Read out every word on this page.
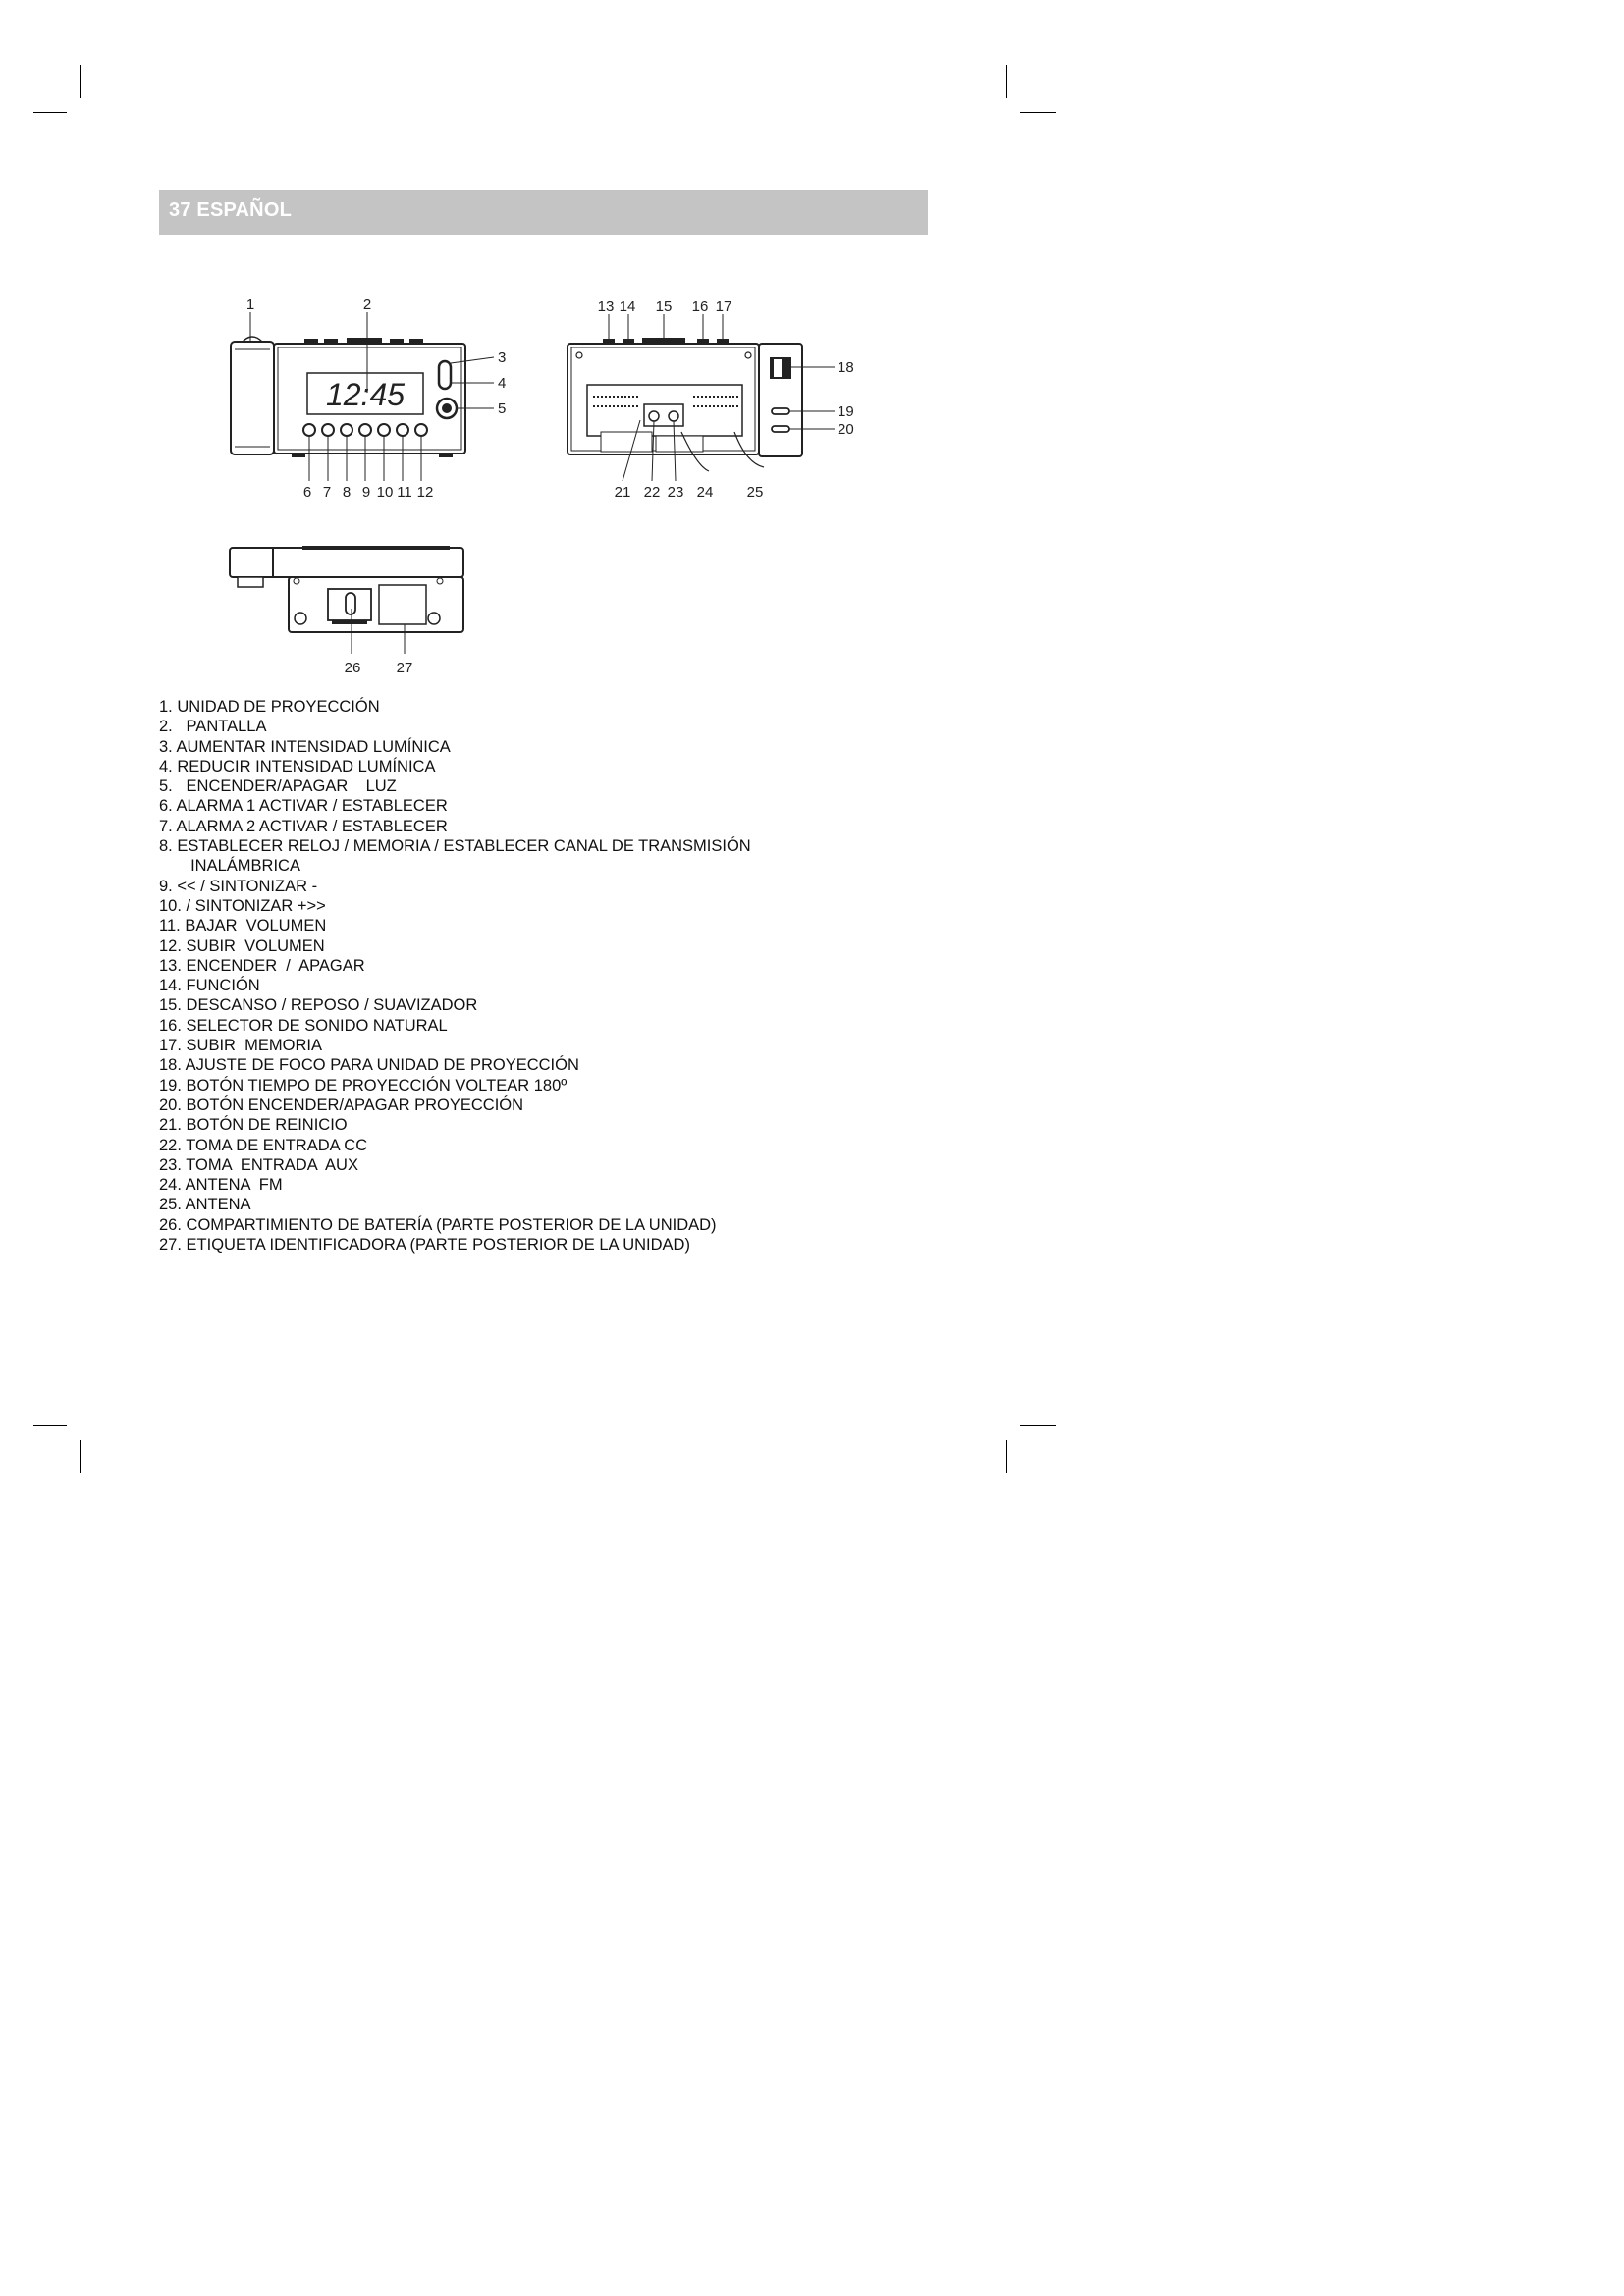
37 ESPAÑOL
12:45
1	2
3
4
5
6 7 8 9 10 11 12
13 14 15 16 17
18
19
20
21 22 23 24 25
26 27
1. UNIDAD DE PROYECCIÓN
2.   PANTALLA
3. AUMENTAR INTENSIDAD LUMÍNICA
4. REDUCIR INTENSIDAD LUMÍNICA
5.   ENCENDER/APAGAR    LUZ
6. ALARMA 1 ACTIVAR / ESTABLECER
7. ALARMA 2 ACTIVAR / ESTABLECER
8. ESTABLECER RELOJ / MEMORIA / ESTABLECER CANAL DE TRANSMISIÓN
INALÁMBRICA
9. << / SINTONIZAR -
10. / SINTONIZAR +>>
11. BAJAR  VOLUMEN
12. SUBIR  VOLUMEN
13. ENCENDER  /  APAGAR
14. FUNCIÓN
15. DESCANSO / REPOSO / SUAVIZADOR
16. SELECTOR DE SONIDO NATURAL
17. SUBIR  MEMORIA
18. AJUSTE DE FOCO PARA UNIDAD DE PROYECCIÓN
19. BOTÓN TIEMPO DE PROYECCIÓN VOLTEAR 180º
20. BOTÓN ENCENDER/APAGAR PROYECCIÓN
21. BOTÓN DE REINICIO
22. TOMA DE ENTRADA CC
23. TOMA  ENTRADA  AUX
24. ANTENA  FM
25. ANTENA
26. COMPARTIMIENTO DE BATERÍA (PARTE POSTERIOR DE LA UNIDAD)
27. ETIQUETA IDENTIFICADORA (PARTE POSTERIOR DE LA UNIDAD)
